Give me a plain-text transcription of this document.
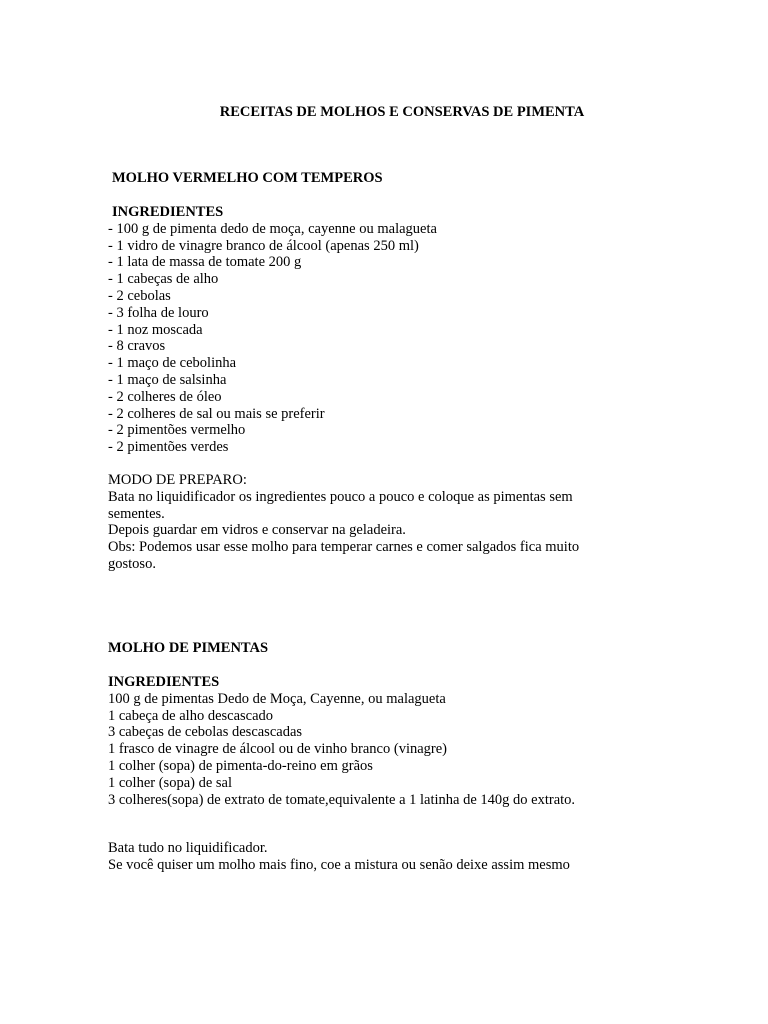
RECEITAS DE MOLHOS E CONSERVAS DE PIMENTA

MOLHO VERMELHO COM TEMPEROS

INGREDIENTES

- 100 g de pimenta dedo de moça, cayenne ou malagueta
- 1 vidro de vinagre branco de álcool (apenas 250 ml)
- 1 lata de massa de tomate 200 g
- 1 cabeças de alho
- 2 cebolas
- 3 folha de louro
- 1 noz moscada
- 8 cravos
- 1 maço de cebolinha
- 1 maço de salsinha
- 2 colheres de óleo
- 2 colheres de sal ou mais se preferir
- 2 pimentões vermelho
- 2 pimentões verdes

MODO DE PREPARO:

Bata no liquidificador os ingredientes pouco a pouco e coloque as pimentas sem sementes.

Depois guardar em vidros e conservar na geladeira.

Obs: Podemos usar esse molho para temperar carnes e comer salgados fica muito gostoso.

MOLHO DE PIMENTAS

INGREDIENTES

100 g de pimentas Dedo de Moça, Cayenne, ou malagueta
1 cabeça de alho descascado
3 cabeças de cebolas descascadas
1 frasco de vinagre de álcool ou de vinho branco (vinagre)
1 colher (sopa) de pimenta-do-reino em grãos
1 colher (sopa) de sal
3 colheres(sopa) de extrato de tomate,equivalente a 1 latinha de 140g do extrato.

Bata tudo no liquidificador.

Se você quiser um molho mais fino, coe a mistura ou senão deixe assim mesmo
